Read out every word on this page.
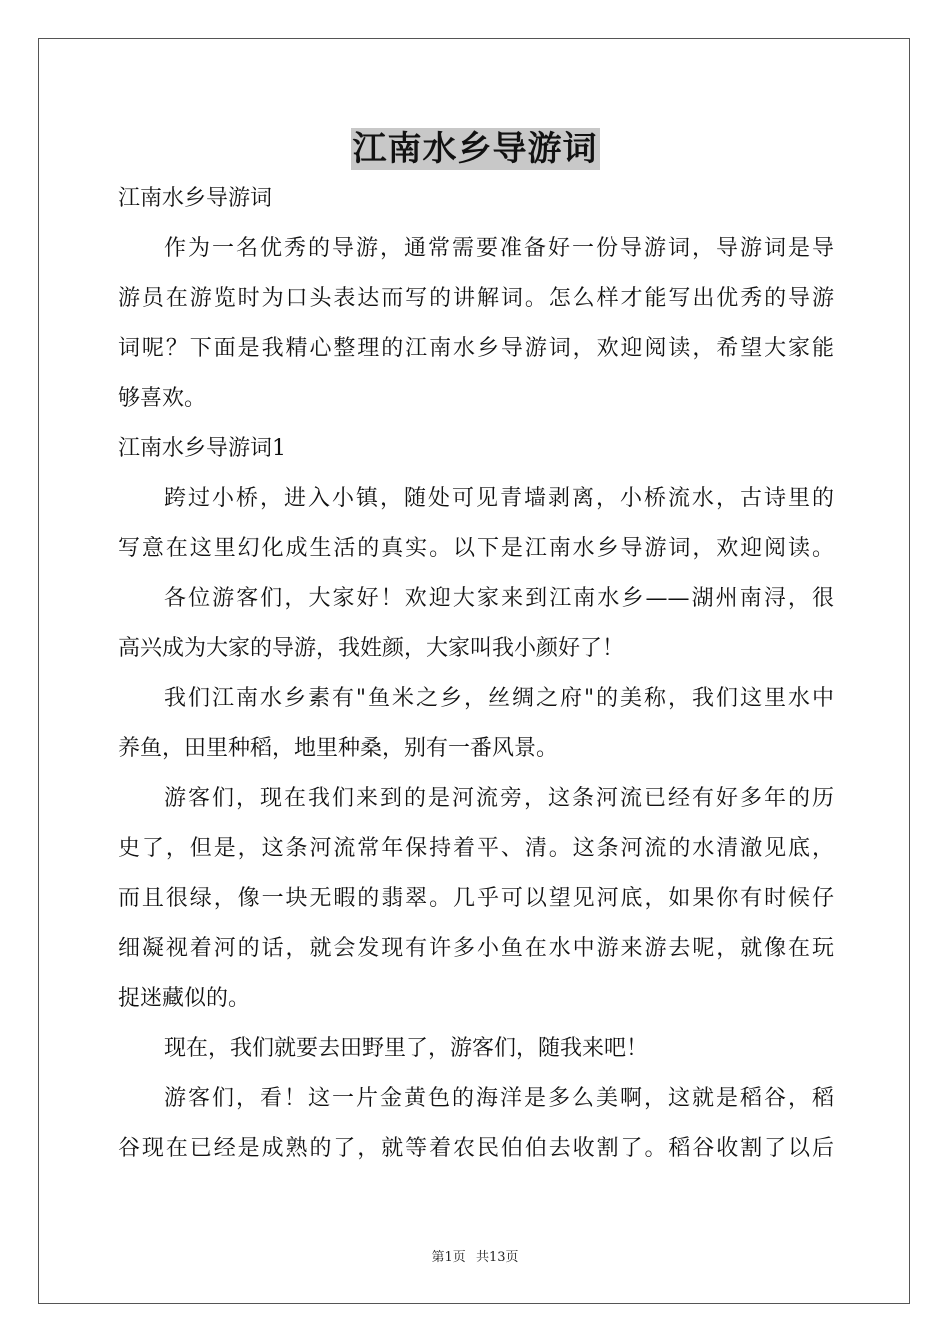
江南水乡导游词
江南水乡导游词
作为一名优秀的导游，通常需要准备好一份导游词，导游词是导
游员在游览时为口头表达而写的讲解词。怎么样才能写出优秀的导游
词呢？下面是我精心整理的江南水乡导游词，欢迎阅读，希望大家能
够喜欢。
江南水乡导游词1
跨过小桥，进入小镇，随处可见青墙剥离，小桥流水，古诗里的
写意在这里幻化成生活的真实。以下是江南水乡导游词，欢迎阅读。
各位游客们，大家好！欢迎大家来到江南水乡——湖州南浔，很
高兴成为大家的导游，我姓颜，大家叫我小颜好了！
我们江南水乡素有"鱼米之乡，丝绸之府"的美称，我们这里水中
养鱼，田里种稻，地里种桑，别有一番风景。
游客们，现在我们来到的是河流旁，这条河流已经有好多年的历
史了，但是，这条河流常年保持着平、清。这条河流的水清澈见底，
而且很绿，像一块无暇的翡翠。几乎可以望见河底，如果你有时候仔
细凝视着河的话，就会发现有许多小鱼在水中游来游去呢，就像在玩
捉迷藏似的。
现在，我们就要去田野里了，游客们，随我来吧！
游客们，看！这一片金黄色的海洋是多么美啊，这就是稻谷，稻
谷现在已经是成熟的了，就等着农民伯伯去收割了。稻谷收割了以后
第1页 共13页
